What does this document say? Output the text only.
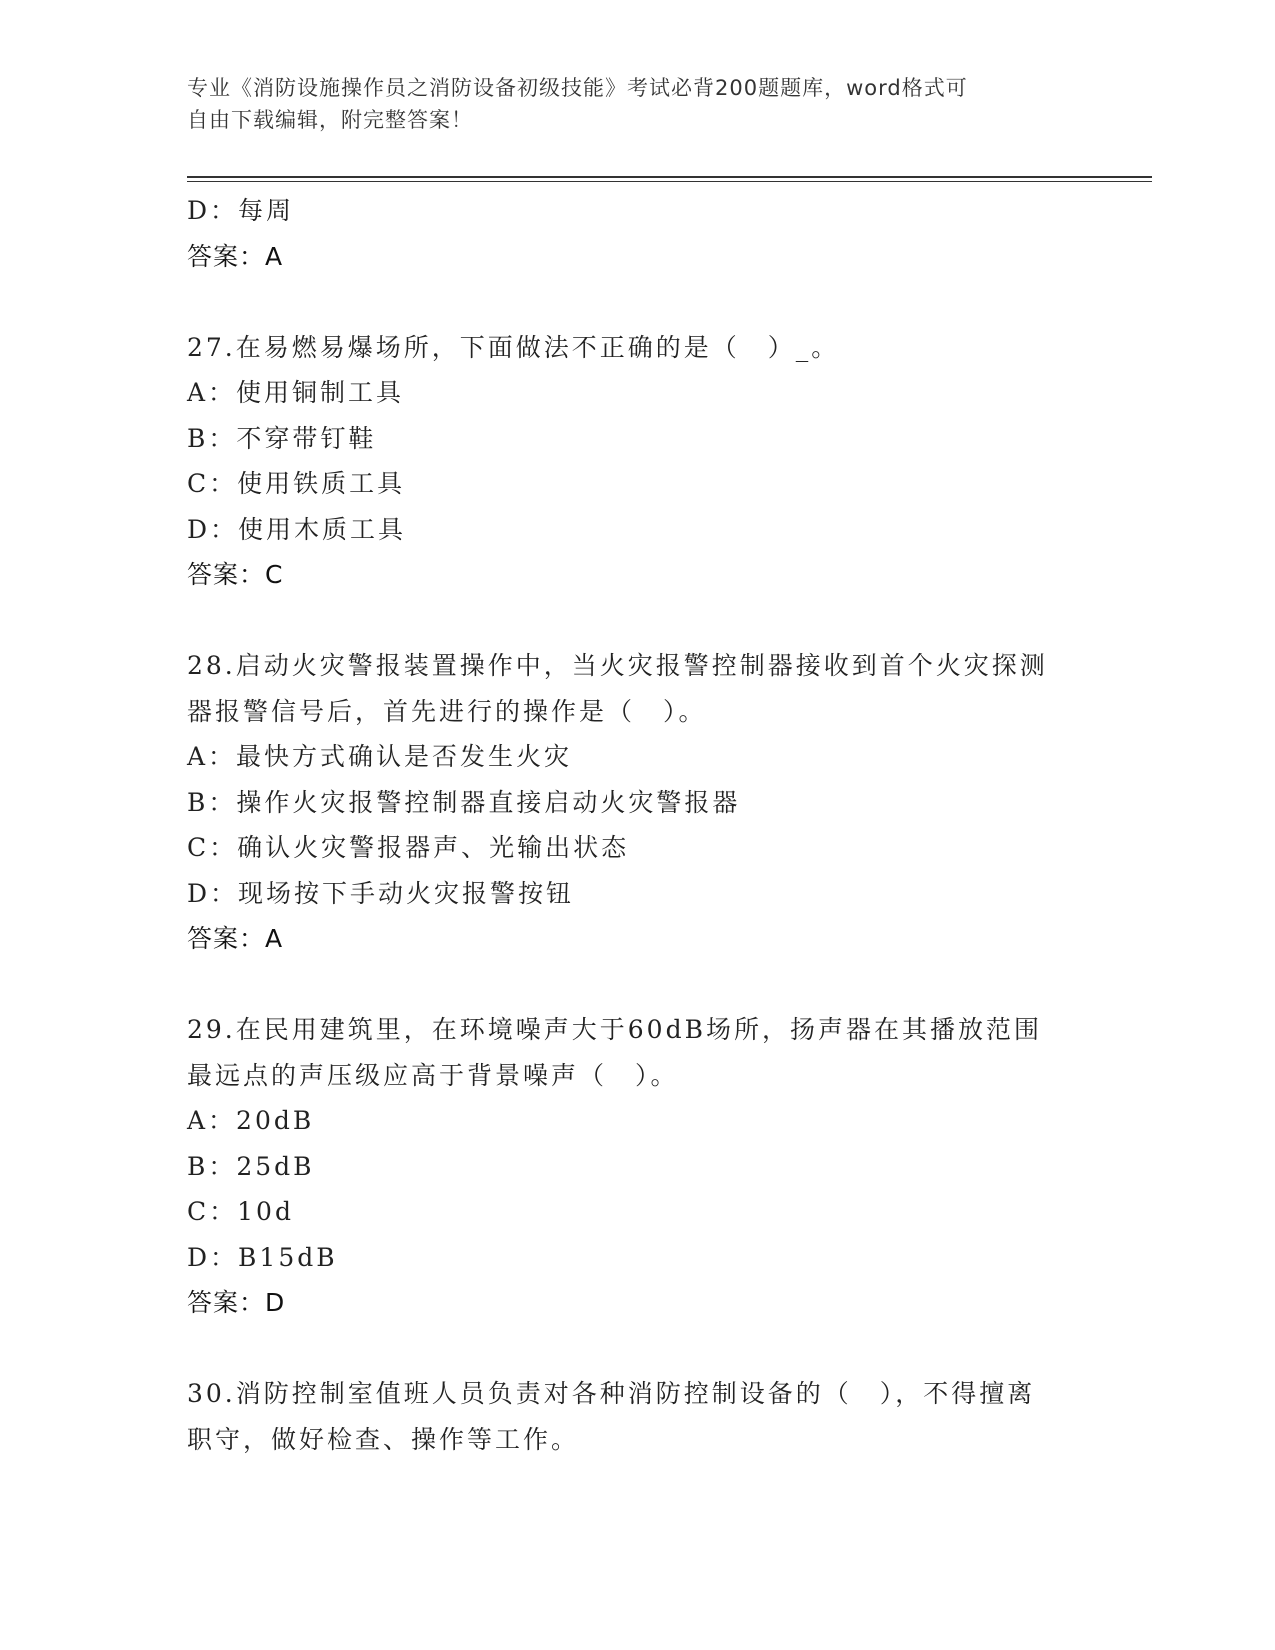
专业《消防设施操作员之消防设备初级技能》考试必背200题题库，word格式可
自由下载编辑，附完整答案！
D：每周
答案：A
27.在易燃易爆场所，下面做法不正确的是（　）_。
A：使用铜制工具
B：不穿带钉鞋
C：使用铁质工具
D：使用木质工具
答案：C
28.启动火灾警报装置操作中，当火灾报警控制器接收到首个火灾探测
器报警信号后，首先进行的操作是（　）。
A：最快方式确认是否发生火灾
B：操作火灾报警控制器直接启动火灾警报器
C：确认火灾警报器声、光输出状态
D：现场按下手动火灾报警按钮
答案：A
29.在民用建筑里，在环境噪声大于60dB场所，扬声器在其播放范围
最远点的声压级应高于背景噪声（　）。
A：20dB
B：25dB
C：10d
D：B15dB
答案：D
30.消防控制室值班人员负责对各种消防控制设备的（　），不得擅离
职守，做好检查、操作等工作。
